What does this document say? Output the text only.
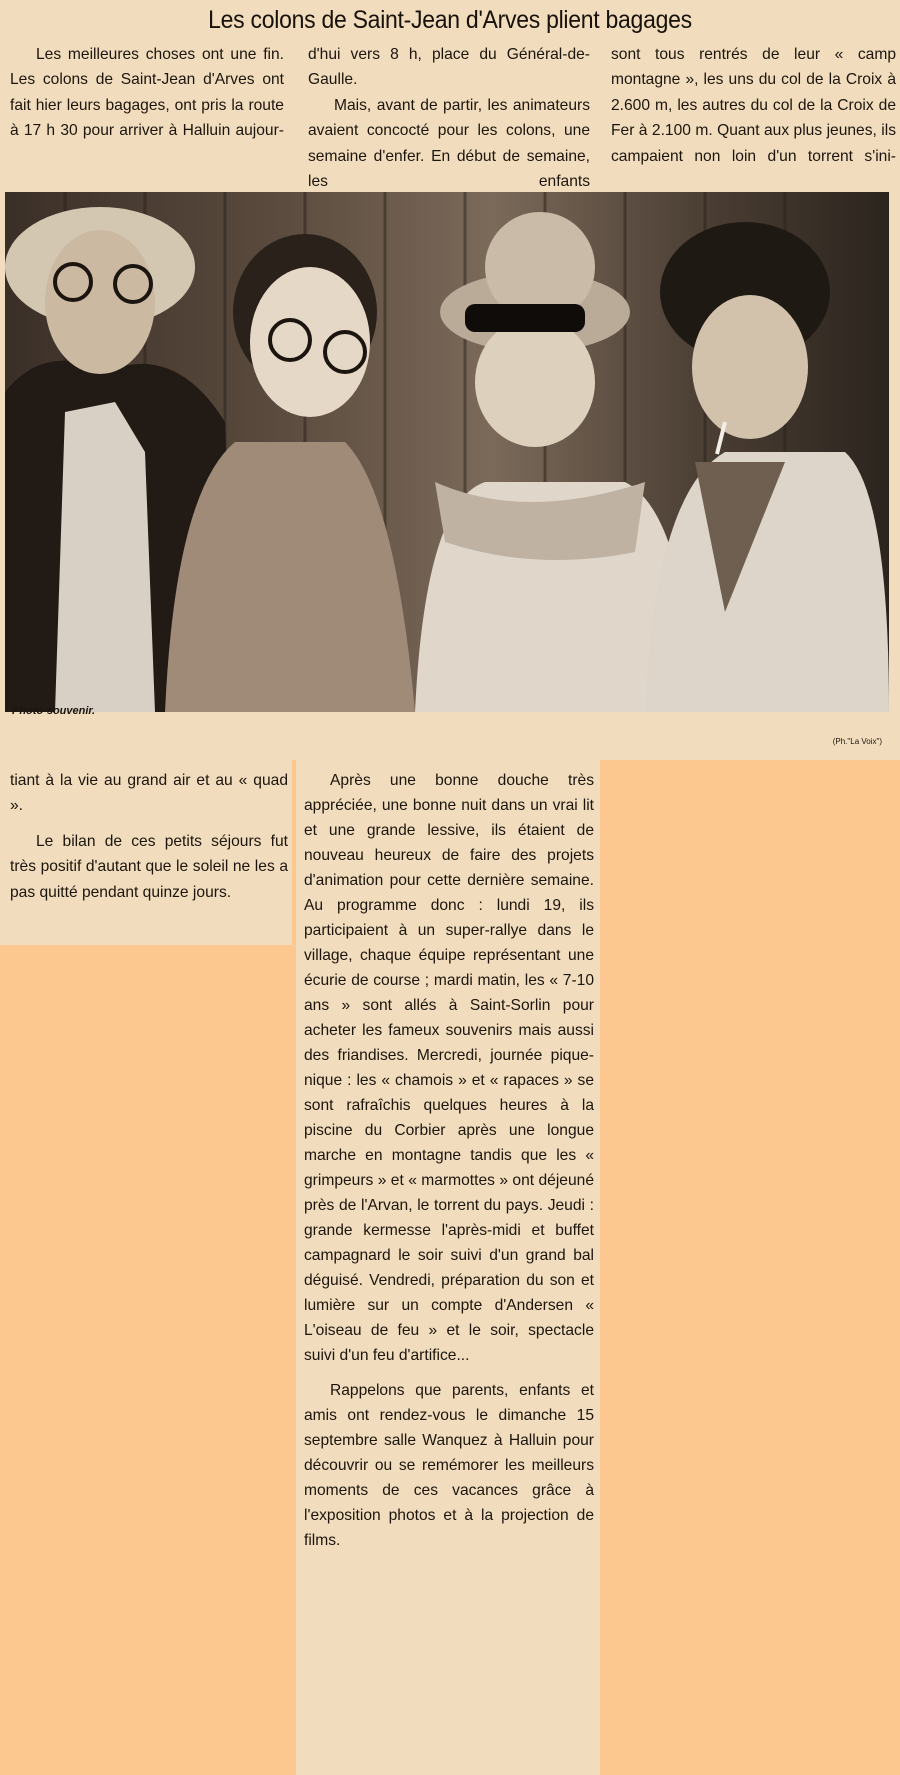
Les colons de Saint-Jean d'Arves plient bagages

Les meilleures choses ont une fin. Les colons de Saint-Jean d'Arves ont fait hier leurs bagages, ont pris la route à 17 h 30 pour arriver à Halluin aujour-

d'hui vers 8 h, place du Général-de-Gaulle.

Mais, avant de partir, les animateurs avaient concocté pour les colons, une semaine d'enfer. En début de semaine, les enfants

sont tous rentrés de leur « camp montagne », les uns du col de la Croix à 2.600 m, les autres du col de la Croix de Fer à 2.100 m. Quant aux plus jeunes, ils campaient non loin d'un torrent s'ini-

Photo-souvenir.
(Ph."La Voix")

tiant à la vie au grand air et au « quad ».

Le bilan de ces petits séjours fut très positif d'autant que le soleil ne les a pas quitté pendant quinze jours.

Après une bonne douche très appréciée, une bonne nuit dans un vrai lit et une grande lessive, ils étaient de nouveau heureux de faire des projets d'animation pour cette dernière semaine. Au programme donc : lundi 19, ils participaient à un super-rallye dans le village, chaque équipe représentant une écurie de course ; mardi matin, les « 7-10 ans » sont allés à Saint-Sorlin pour acheter les fameux souvenirs mais aussi des friandises. Mercredi, journée pique-nique : les « chamois » et « rapaces » se sont rafraîchis quelques heures à la piscine du Corbier après une longue marche en montagne tandis que les « grimpeurs » et « marmottes » ont déjeuné près de l'Arvan, le torrent du pays. Jeudi : grande kermesse l'après-midi et buffet campagnard le soir suivi d'un grand bal déguisé. Vendredi, préparation du son et lumière sur un compte d'Andersen « L'oiseau de feu » et le soir, spectacle suivi d'un feu d'artifice...

Rappelons que parents, enfants et amis ont rendez-vous le dimanche 15 septembre salle Wanquez à Halluin pour découvrir ou se remémorer les meilleurs moments de ces vacances grâce à l'exposition photos et à la projection de films.
